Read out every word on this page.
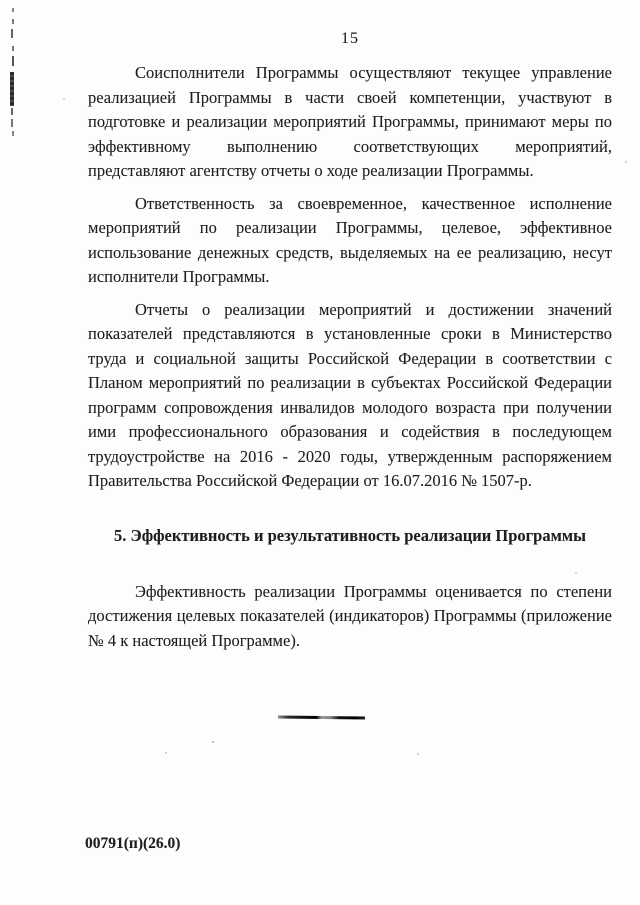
15

Соисполнители Программы осуществляют текущее управление реализацией Программы в части своей компетенции, участвуют в подготовке и реализации мероприятий Программы, принимают меры по эффективному выполнению соответствующих мероприятий, представляют агентству отчеты о ходе реализации Программы.

Ответственность за своевременное, качественное исполнение мероприятий по реализации Программы, целевое, эффективное использование денежных средств, выделяемых на ее реализацию, несут исполнители Программы.

Отчеты о реализации мероприятий и достижении значений показателей представляются в установленные сроки в Министерство труда и социальной защиты Российской Федерации в соответствии с Планом мероприятий по реализации в субъектах Российской Федерации программ сопровождения инвалидов молодого возраста при получении ими профессионального образования и содействия в последующем трудоустройстве на 2016 - 2020 годы, утвержденным распоряжением Правительства Российской Федерации от 16.07.2016 № 1507-р.

5. Эффективность и результативность реализации Программы

Эффективность реализации Программы оценивается по степени достижения целевых показателей (индикаторов) Программы (приложение № 4 к настоящей Программе).

00791(п)(26.0)
